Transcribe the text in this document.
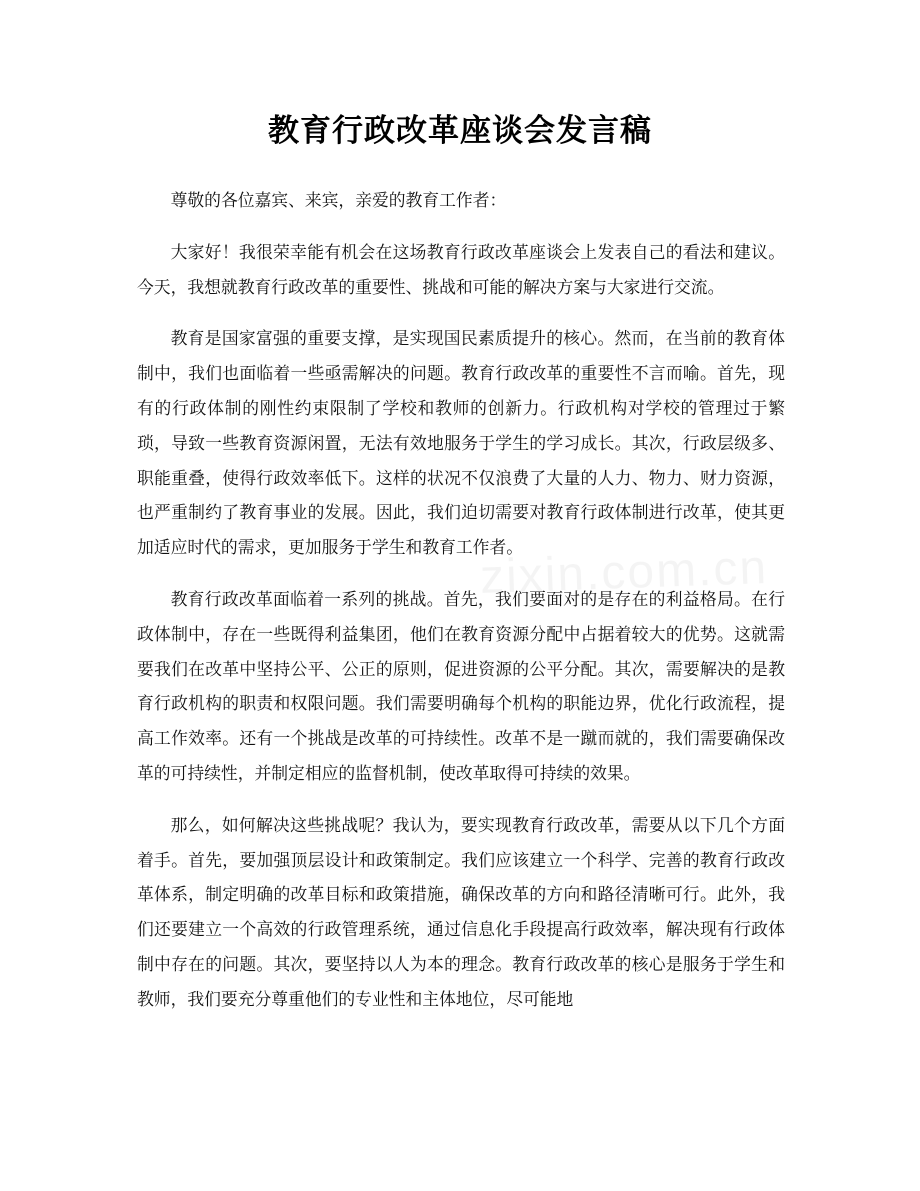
教育行政改革座谈会发言稿

尊敬的各位嘉宾、来宾，亲爱的教育工作者：

大家好！我很荣幸能有机会在这场教育行政改革座谈会上发表自己的看法和建议。今天，我想就教育行政改革的重要性、挑战和可能的解决方案与大家进行交流。

教育是国家富强的重要支撑，是实现国民素质提升的核心。然而，在当前的教育体制中，我们也面临着一些亟需解决的问题。教育行政改革的重要性不言而喻。首先，现有的行政体制的刚性约束限制了学校和教师的创新力。行政机构对学校的管理过于繁琐，导致一些教育资源闲置，无法有效地服务于学生的学习成长。其次，行政层级多、职能重叠，使得行政效率低下。这样的状况不仅浪费了大量的人力、物力、财力资源，也严重制约了教育事业的发展。因此，我们迫切需要对教育行政体制进行改革，使其更加适应时代的需求，更加服务于学生和教育工作者。

教育行政改革面临着一系列的挑战。首先，我们要面对的是存在的利益格局。在行政体制中，存在一些既得利益集团，他们在教育资源分配中占据着较大的优势。这就需要我们在改革中坚持公平、公正的原则，促进资源的公平分配。其次，需要解决的是教育行政机构的职责和权限问题。我们需要明确每个机构的职能边界，优化行政流程，提高工作效率。还有一个挑战是改革的可持续性。改革不是一蹴而就的，我们需要确保改革的可持续性，并制定相应的监督机制，使改革取得可持续的效果。

那么，如何解决这些挑战呢？我认为，要实现教育行政改革，需要从以下几个方面着手。首先，要加强顶层设计和政策制定。我们应该建立一个科学、完善的教育行政改革体系，制定明确的改革目标和政策措施，确保改革的方向和路径清晰可行。此外，我们还要建立一个高效的行政管理系统，通过信息化手段提高行政效率，解决现有行政体制中存在的问题。其次，要坚持以人为本的理念。教育行政改革的核心是服务于学生和教师，我们要充分尊重他们的专业性和主体地位，尽可能地
